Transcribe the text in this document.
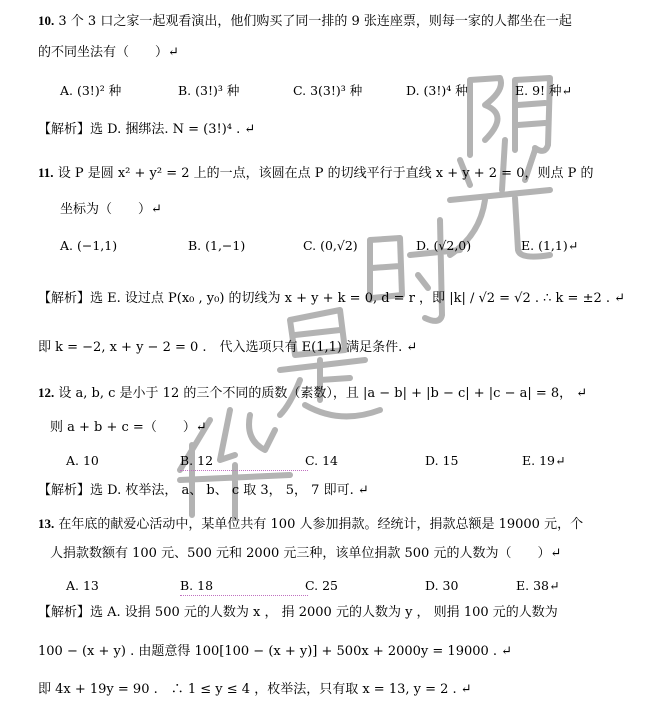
10. 3 个 3 口之家一起观看演出，他们购买了同一排的 9 张连座票，则每一家的人都坐在一起
的不同坐法有（　　）↵
A. (3!)² 种	B. (3!)³ 种	C. 3(3!)³ 种	D. (3!)⁴ 种	E. 9! 种↵
【解析】选 D. 捆绑法. N = (3!)⁴ . ↵
11. 设 P 是圆 x² + y² = 2 上的一点，该圆在点 P 的切线平行于直线 x + y + 2 = 0，则点 P 的
坐标为（　　）↵
A. (−1,1)	B. (1,−1)	C. (0,√2)	D. (√2,0)	E. (1,1)↵
【解析】选 E. 设过点 P(x₀ , y₀) 的切线为 x + y + k = 0, d = r ，即 |k| / √2 = √2 . ∴ k = ±2 . ↵
即 k = −2, x + y − 2 = 0 .　代入选项只有 E(1,1) 满足条件. ↵
12. 设 a, b, c 是小于 12 的三个不同的质数（素数），且 |a − b| + |b − c| + |c − a| = 8， ↵
则 a + b + c =（　　）↵
A. 10	B. 12	C. 14	D. 15	E. 19↵
【解析】选 D. 枚举法， a、 b、 c 取 3， 5， 7 即可. ↵
13. 在年底的献爱心活动中，某单位共有 100 人参加捐款。经统计，捐款总额是 19000 元，个
人捐款数额有 100 元、500 元和 2000 元三种，该单位捐款 500 元的人数为（　　）↵
A. 13	B. 18	C. 25	D. 30	E. 38↵
【解析】选 A. 设捐 500 元的人数为 x ， 捐 2000 元的人数为 y ， 则捐 100 元的人数为
100 − (x + y) . 由题意得 100[100 − (x + y)] + 500x + 2000y = 19000 . ↵
即 4x + 19y = 90 .　∴ 1 ≤ y ≤ 4 ，枚举法，只有取 x = 13, y = 2 . ↵
